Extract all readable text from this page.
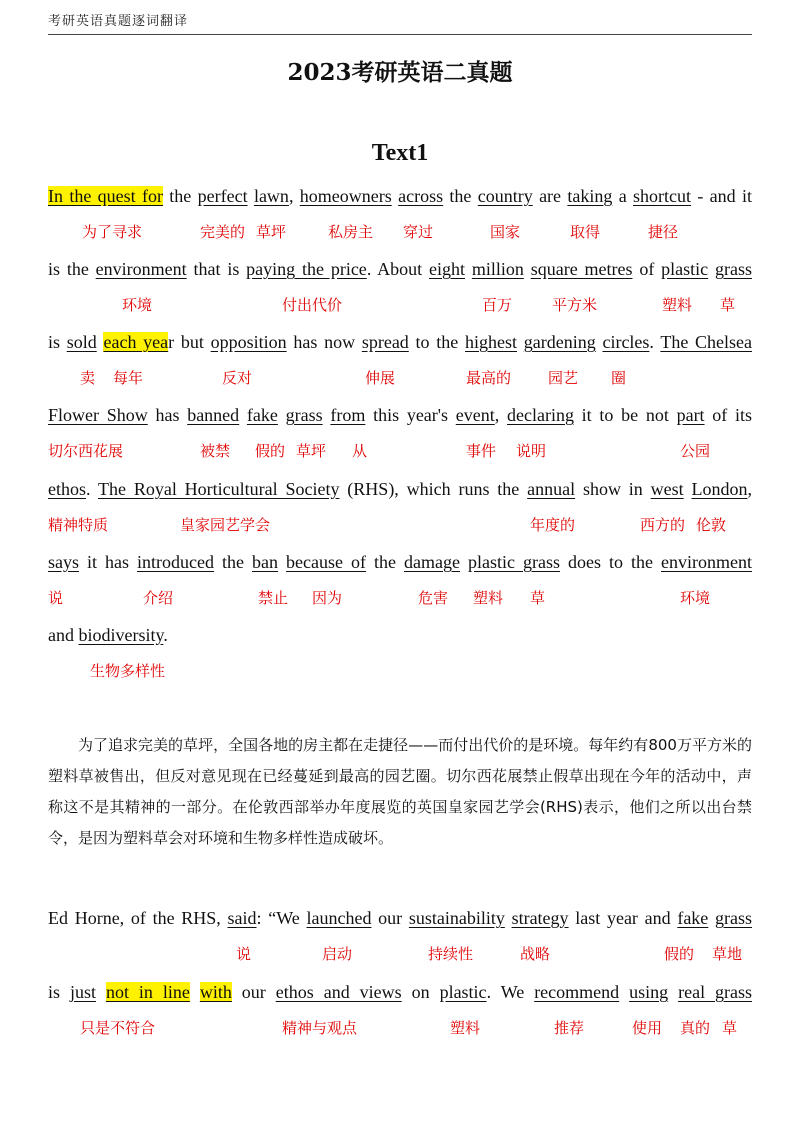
考研英语真题逐词翻译
2023考研英语二真题
Text1
In the quest for the perfect lawn, homeowners across the country are taking a shortcut - and it
is the environment that is paying the price. About eight million square metres of plastic grass
is sold each year but opposition has now spread to the highest gardening circles. The Chelsea
Flower Show has banned fake grass from this year's event, declaring it to be not part of its
ethos. The Royal Horticultural Society (RHS), which runs the annual show in west London,
says it has introduced the ban because of the damage plastic grass does to the environment
and biodiversity.
为了寻求	完美的 草坪	私房主 穿过	国家	取得	捷径
环境	付出代价	百万	平方米	塑料 草
卖 每年	反对	伸展	最高的 园艺 圈
切尔西花展	被禁 假的 草坪 从	事件 说明	公园
精神特质	皇家园艺学会	年度的	西方的 伦敦
说	介绍	禁止 因为	危害 塑料 草	环境
生物多样性

为了追求完美的草坪，全国各地的房主都在走捷径——而付出代价的是环境。每年约有800万平方米的塑料草被售出，但反对意见现在已经蔓延到最高的园艺圈。切尔西花展禁止假草出现在今年的活动中，声称这不是其精神的一部分。在伦敦西部举办年度展览的英国皇家园艺学会(RHS)表示，他们之所以出台禁令，是因为塑料草会对环境和生物多样性造成破坏。

Ed Horne, of the RHS, said: “We launched our sustainability strategy last year and fake grass
is just not in line with our ethos and views on plastic. We recommend using real grass
说	启动	持续性	战略	假的 草地
只是不符合	精神与观点	塑料	推荐	使用 真的 草
